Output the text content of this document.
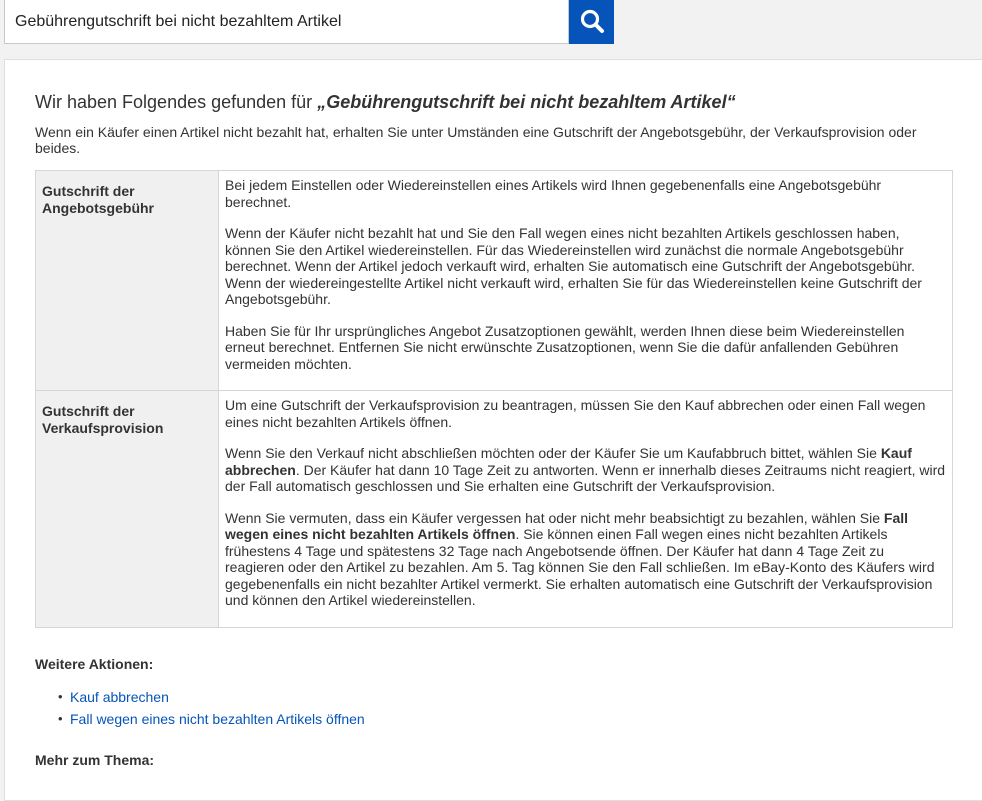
Gebührengutschrift bei nicht bezahltem Artikel
Wir haben Folgendes gefunden für „Gebührengutschrift bei nicht bezahltem Artikel“

Wenn ein Käufer einen Artikel nicht bezahlt hat, erhalten Sie unter Umständen eine Gutschrift der Angebotsgebühr, der Verkaufsprovision oder beides.

Gutschrift der Angebotsgebühr	Bei jedem Einstellen oder Wiedereinstellen eines Artikels wird Ihnen gegebenenfalls eine Angebotsgebühr berechnet.

Wenn der Käufer nicht bezahlt hat und Sie den Fall wegen eines nicht bezahlten Artikels geschlossen haben, können Sie den Artikel wiedereinstellen. Für das Wiedereinstellen wird zunächst die normale Angebotsgebühr berechnet. Wenn der Artikel jedoch verkauft wird, erhalten Sie automatisch eine Gutschrift der Angebotsgebühr. Wenn der wiedereingestellte Artikel nicht verkauft wird, erhalten Sie für das Wiedereinstellen keine Gutschrift der Angebotsgebühr.

Haben Sie für Ihr ursprüngliches Angebot Zusatzoptionen gewählt, werden Ihnen diese beim Wiedereinstellen erneut berechnet. Entfernen Sie nicht erwünschte Zusatzoptionen, wenn Sie die dafür anfallenden Gebühren vermeiden möchten.

Gutschrift der Verkaufsprovision	Um eine Gutschrift der Verkaufsprovision zu beantragen, müssen Sie den Kauf abbrechen oder einen Fall wegen eines nicht bezahlten Artikels öffnen.

Wenn Sie den Verkauf nicht abschließen möchten oder der Käufer Sie um Kaufabbruch bittet, wählen Sie Kauf abbrechen. Der Käufer hat dann 10 Tage Zeit zu antworten. Wenn er innerhalb dieses Zeitraums nicht reagiert, wird der Fall automatisch geschlossen und Sie erhalten eine Gutschrift der Verkaufsprovision.

Wenn Sie vermuten, dass ein Käufer vergessen hat oder nicht mehr beabsichtigt zu bezahlen, wählen Sie Fall wegen eines nicht bezahlten Artikels öffnen. Sie können einen Fall wegen eines nicht bezahlten Artikels frühestens 4 Tage und spätestens 32 Tage nach Angebotsende öffnen. Der Käufer hat dann 4 Tage Zeit zu reagieren oder den Artikel zu bezahlen. Am 5. Tag können Sie den Fall schließen. Im eBay-Konto des Käufers wird gegebenenfalls ein nicht bezahlter Artikel vermerkt. Sie erhalten automatisch eine Gutschrift der Verkaufsprovision und können den Artikel wiedereinstellen.

Weitere Aktionen:
• Kauf abbrechen
• Fall wegen eines nicht bezahlten Artikels öffnen
Mehr zum Thema:
